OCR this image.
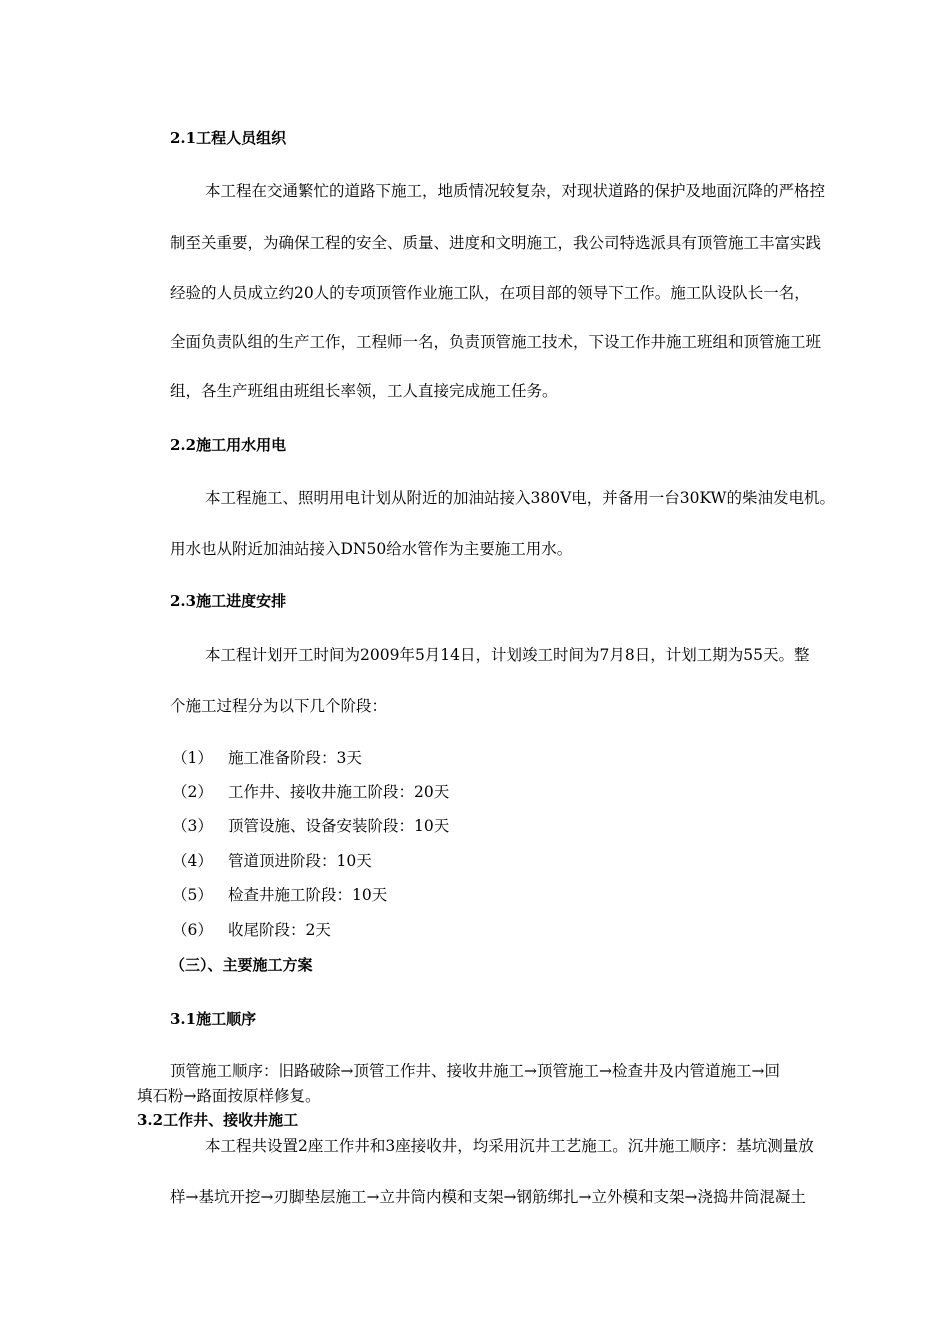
2.1工程人员组织
本工程在交通繁忙的道路下施工，地质情况较复杂，对现状道路的保护及地面沉降的严格控
制至关重要，为确保工程的安全、质量、进度和文明施工，我公司特选派具有顶管施工丰富实践
经验的人员成立约20人的专项顶管作业施工队，在项目部的领导下工作。施工队设队长一名，
全面负责队组的生产工作，工程师一名，负责顶管施工技术，下设工作井施工班组和顶管施工班
组，各生产班组由班组长率领，工人直接完成施工任务。
2.2施工用水用电
本工程施工、照明用电计划从附近的加油站接入380V电，并备用一台30KW的柴油发电机。
用水也从附近加油站接入DN50给水管作为主要施工用水。
2.3施工进度安排
本工程计划开工时间为2009年5月14日，计划竣工时间为7月8日，计划工期为55天。整
个施工过程分为以下几个阶段：
（1） 施工准备阶段：3天
（2） 工作井、接收井施工阶段：20天
（3） 顶管设施、设备安装阶段：10天
（4） 管道顶进阶段：10天
（5） 检查井施工阶段：10天
（6） 收尾阶段：2天
（三）、主要施工方案
3.1施工顺序
顶管施工顺序：旧路破除→顶管工作井、接收井施工→顶管施工→检查井及内管道施工→回
填石粉→路面按原样修复。
3.2工作井、接收井施工
本工程共设置2座工作井和3座接收井，均采用沉井工艺施工。沉井施工顺序：基坑测量放
样→基坑开挖→刃脚垫层施工→立井筒内模和支架→钢筋绑扎→立外模和支架→浇捣井筒混凝土
